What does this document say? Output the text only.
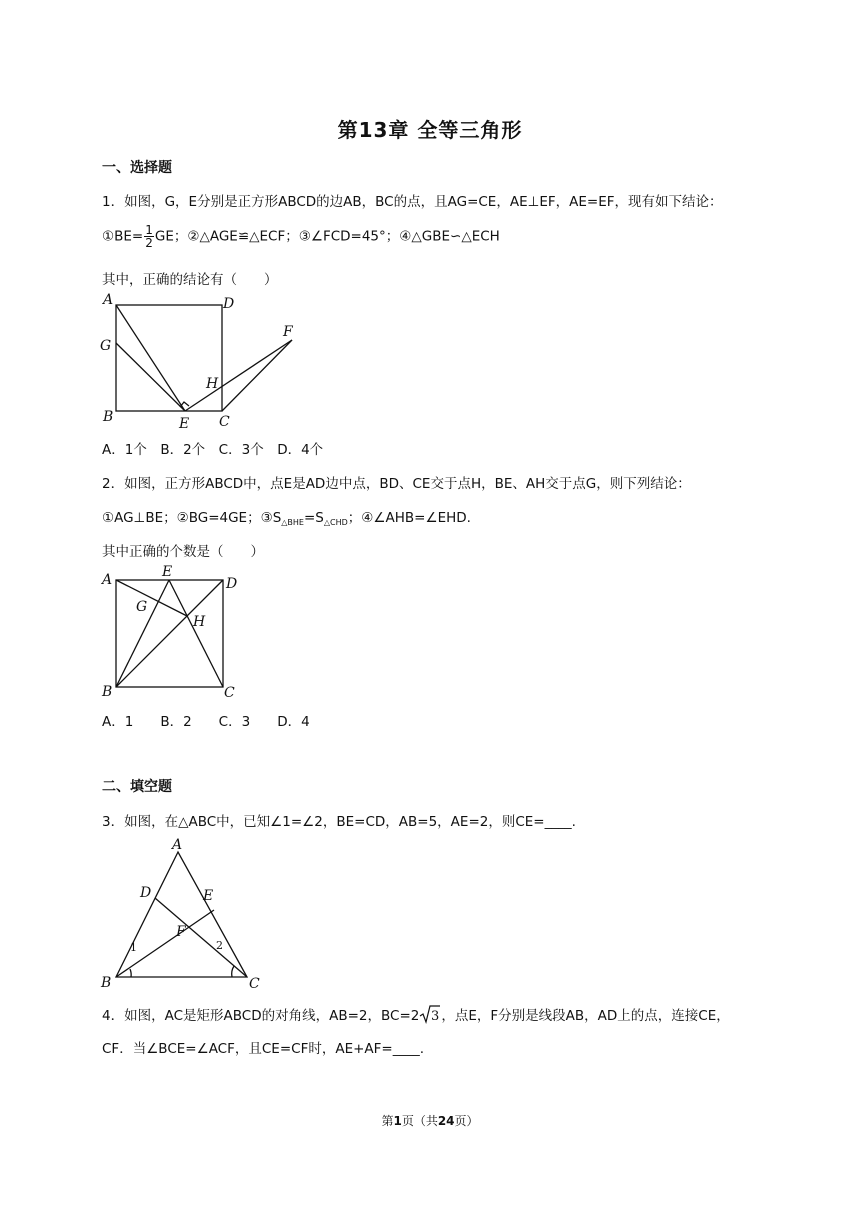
第13章 全等三角形
一、选择题
1．如图，G，E分别是正方形ABCD的边AB，BC的点，且AG=CE，AE⊥EF，AE=EF，现有如下结论：
①BE= $\frac{1}{2}$ GE；②△AGE≌△ECF；③∠FCD=45°；④△GBE∽△ECH
其中，正确的结论有（　　）
A	D
G
B	E C
F
H
A．1个　B．2个　C．3个　D．4个
2．如图，正方形ABCD中，点E是AD边中点，BD、CE交于点H，BE、AH交于点G，则下列结论：
①AG⊥BE；②BG=4GE；$③S_{\triangle BHE}=S_{\triangle CHD}$；④∠AHB=∠EHD.
其中正确的个数是（　　）
A	E
D
G
H
B	C
A．1　　B．2　　C．3　　D．4
二、填空题
3．如图，在△ABC中，已知∠1=∠2，BE=CD，AB=5，AE=2，则CE=____.
A
D	E
F
B	C
1	2
4．如图，AC是矩形ABCD的对角线，AB=2，BC=2 3 ，点E，F分别是线段AB，AD上的点，连接CE，
CF．当∠BCE=∠ACF，且CE=CF时，AE+AF=____.
第1页（共24页）
